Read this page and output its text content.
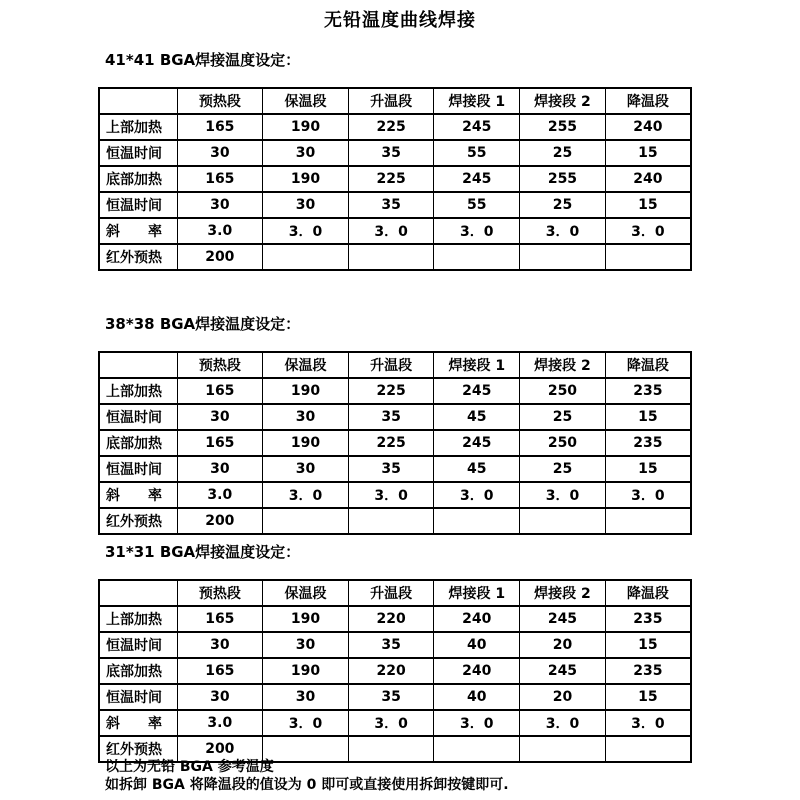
无铅温度曲线焊接
41*41 BGA焊接温度设定：
	预热段	保温段	升温段	焊接段 1	焊接段 2	降温段
上部加热	165	190	225	245	255	240
恒温时间	30	30	35	55	25	15
底部加热	165	190	225	245	255	240
恒温时间	30	30	35	55	25	15
斜　　率	3.0	3．0	3．0	3．0	3．0	3．0
红外预热	200					
38*38 BGA焊接温度设定：
	预热段	保温段	升温段	焊接段 1	焊接段 2	降温段
上部加热	165	190	225	245	250	235
恒温时间	30	30	35	45	25	15
底部加热	165	190	225	245	250	235
恒温时间	30	30	35	45	25	15
斜　　率	3.0	3．0	3．0	3．0	3．0	3．0
红外预热	200					
31*31 BGA焊接温度设定：
	预热段	保温段	升温段	焊接段 1	焊接段 2	降温段
上部加热	165	190	220	240	245	235
恒温时间	30	30	35	40	20	15
底部加热	165	190	220	240	245	235
恒温时间	30	30	35	40	20	15
斜　　率	3.0	3．0	3．0	3．0	3．0	3．0
红外预热	200					
以上为无铅 BGA 参考温度
如拆卸 BGA 将降温段的值设为 0 即可或直接使用拆卸按键即可.
